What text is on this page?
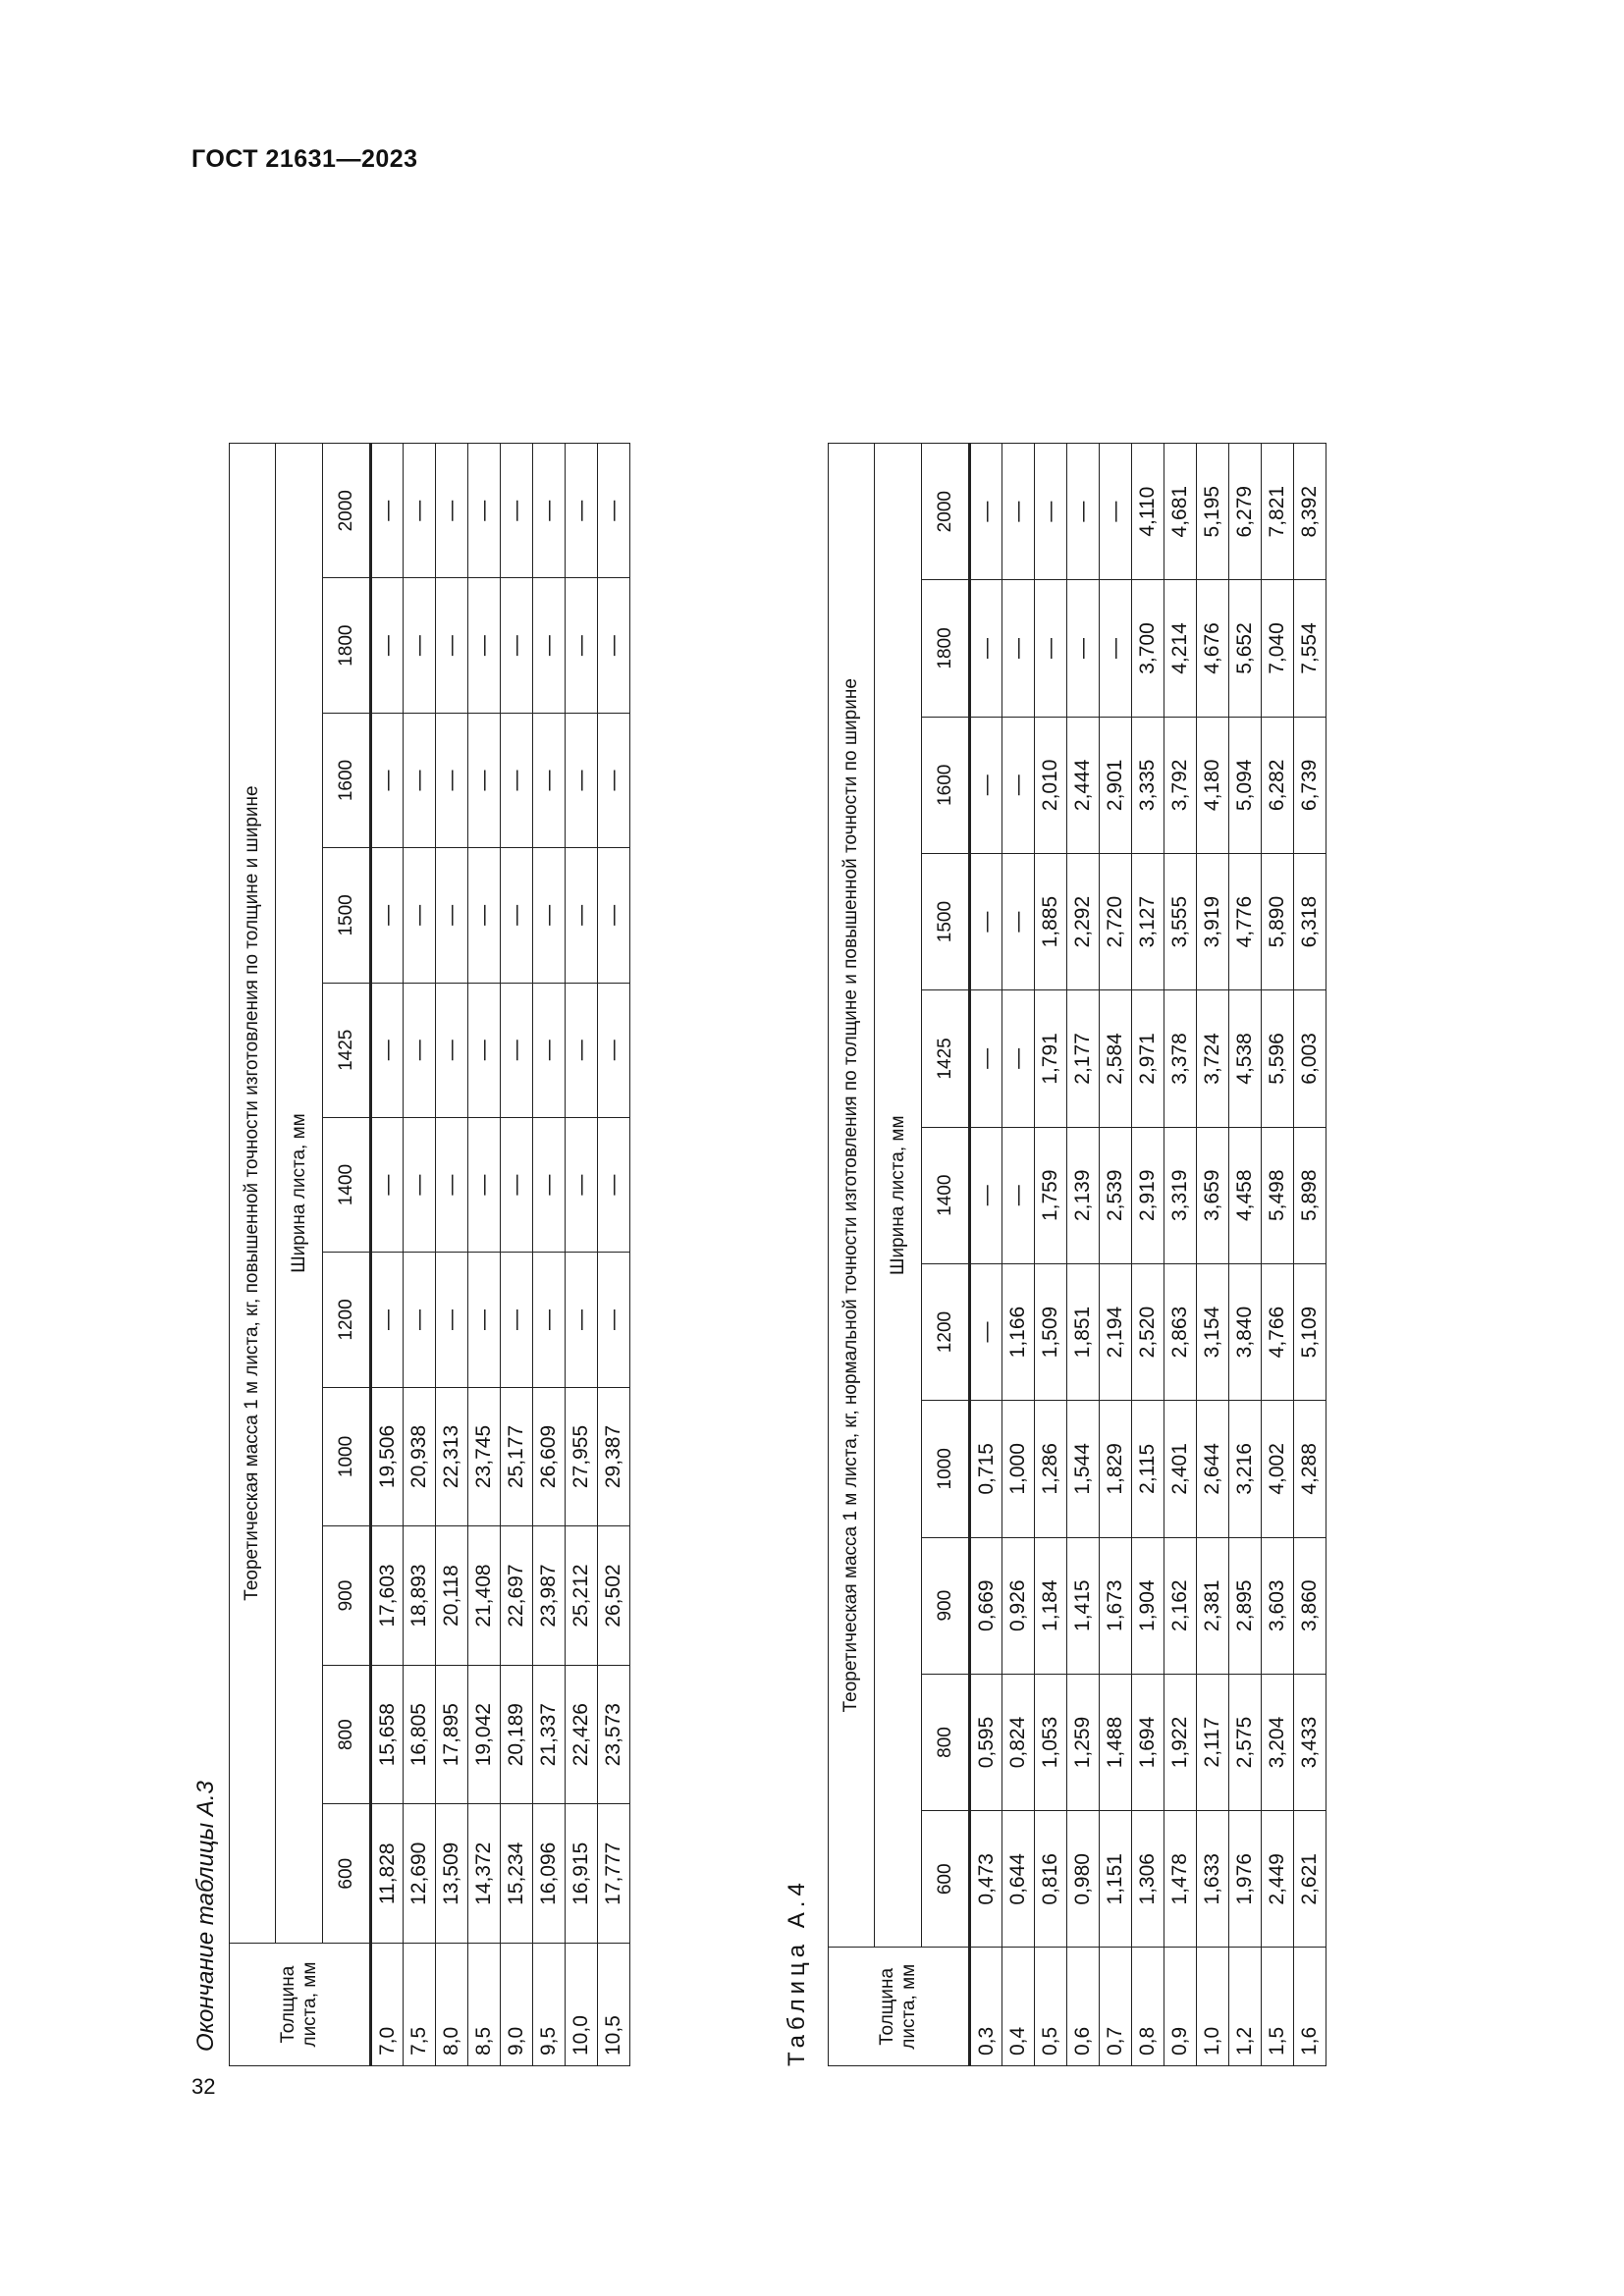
ГОСТ 21631—2023
32
Окончание таблицы А.3	Толщина листа, мм	Теоретическая масса 1 м листа, кг, повышенной точности изготовления по толщине и ширине										
	Ширина листа, мм										
	600	800	900	1000	1200	1400	1425	1500	1600	1800	2000
7,0	11,828	15,658	17,603	19,506	—	—	—	—	—	—	—
7,5	12,690	16,805	18,893	20,938	—	—	—	—	—	—	—
8,0	13,509	17,895	20,118	22,313	—	—	—	—	—	—	—
8,5	14,372	19,042	21,408	23,745	—	—	—	—	—	—	—
9,0	15,234	20,189	22,697	25,177	—	—	—	—	—	—	—
9,5	16,096	21,337	23,987	26,609	—	—	—	—	—	—	—
10,0	16,915	22,426	25,212	27,955	—	—	—	—	—	—	—
10,5	17,777	23,573	26,502	29,387	—	—	—	—	—	—	—
Таблица А.4	Толщина листа, мм	Теоретическая масса 1 м листа, кг, нормальной точности изготовления по толщине и повышенной точности по ширине										
	Ширина листа, мм										
	600	800	900	1000	1200	1400	1425	1500	1600	1800	2000
0,3	0,473	0,595	0,669	0,715	—	—	—	—	—	—	—
0,4	0,644	0,824	0,926	1,000	1,166	—	—	—	—	—	—
0,5	0,816	1,053	1,184	1,286	1,509	1,759	1,791	1,885	2,010	—	—
0,6	0,980	1,259	1,415	1,544	1,851	2,139	2,177	2,292	2,444	—	—
0,7	1,151	1,488	1,673	1,829	2,194	2,539	2,584	2,720	2,901	—	—
0,8	1,306	1,694	1,904	2,115	2,520	2,919	2,971	3,127	3,335	3,700	4,110
0,9	1,478	1,922	2,162	2,401	2,863	3,319	3,378	3,555	3,792	4,214	4,681
1,0	1,633	2,117	2,381	2,644	3,154	3,659	3,724	3,919	4,180	4,676	5,195
1,2	1,976	2,575	2,895	3,216	3,840	4,458	4,538	4,776	5,094	5,652	6,279
1,5	2,449	3,204	3,603	4,002	4,766	5,498	5,596	5,890	6,282	7,040	7,821
1,6	2,621	3,433	3,860	4,288	5,109	5,898	6,003	6,318	6,739	7,554	8,392
